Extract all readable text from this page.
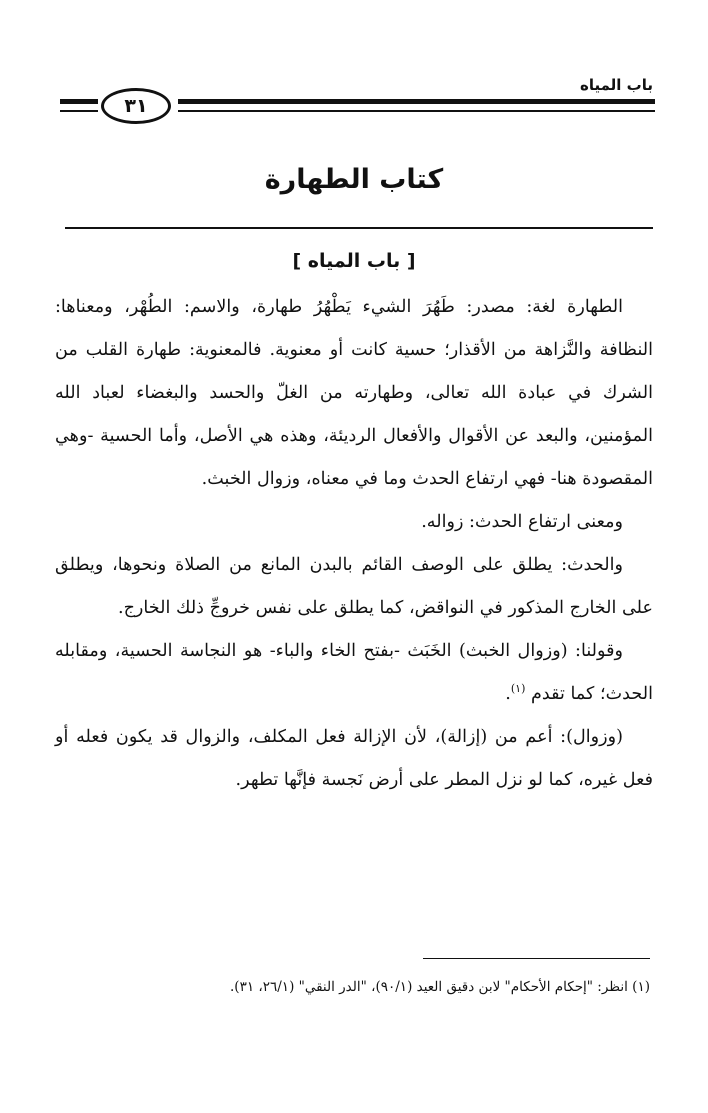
باب المياه
٣١
كتاب الطهارة
[ باب المياه ]

الطهارة لغة: مصدر: طَهُرَ الشيء يَطْهُرُ طهارة، والاسم: الطُهْر، ومعناها: النظافة والنَّزاهة من الأقذار؛ حسية كانت أو معنوية. فالمعنوية: طهارة القلب من الشرك في عبادة الله تعالى، وطهارته من الغلّ والحسد والبغضاء لعباد الله المؤمنين، والبعد عن الأقوال والأفعال الرديئة، وهذه هي الأصل، وأما الحسية -وهي المقصودة هنا- فهي ارتفاع الحدث وما في معناه، وزوال الخبث.

ومعنى ارتفاع الحدث: زواله.

والحدث: يطلق على الوصف القائم بالبدن المانع من الصلاة ونحوها، ويطلق على الخارج المذكور في النواقض، كما يطلق على نفس خروجِّ ذلك الخارج.

وقولنا: (وزوال الخبث) الخَبَث -بفتح الخاء والباء- هو النجاسة الحسية، ومقابله الحدث؛ كما تقدم $^{(١)}$.

(وزوال): أعم من (إزالة)، لأن الإزالة فعل المكلف، والزوال قد يكون فعله أو فعل غيره، كما لو نزل المطر على أرض نَجسة فإنَّها تطهر.

(١) انظر: "إحكام الأحكام" لابن دقيق العيد (٩٠/١)، "الدر النقي" (٢٦/١، ٣١).
